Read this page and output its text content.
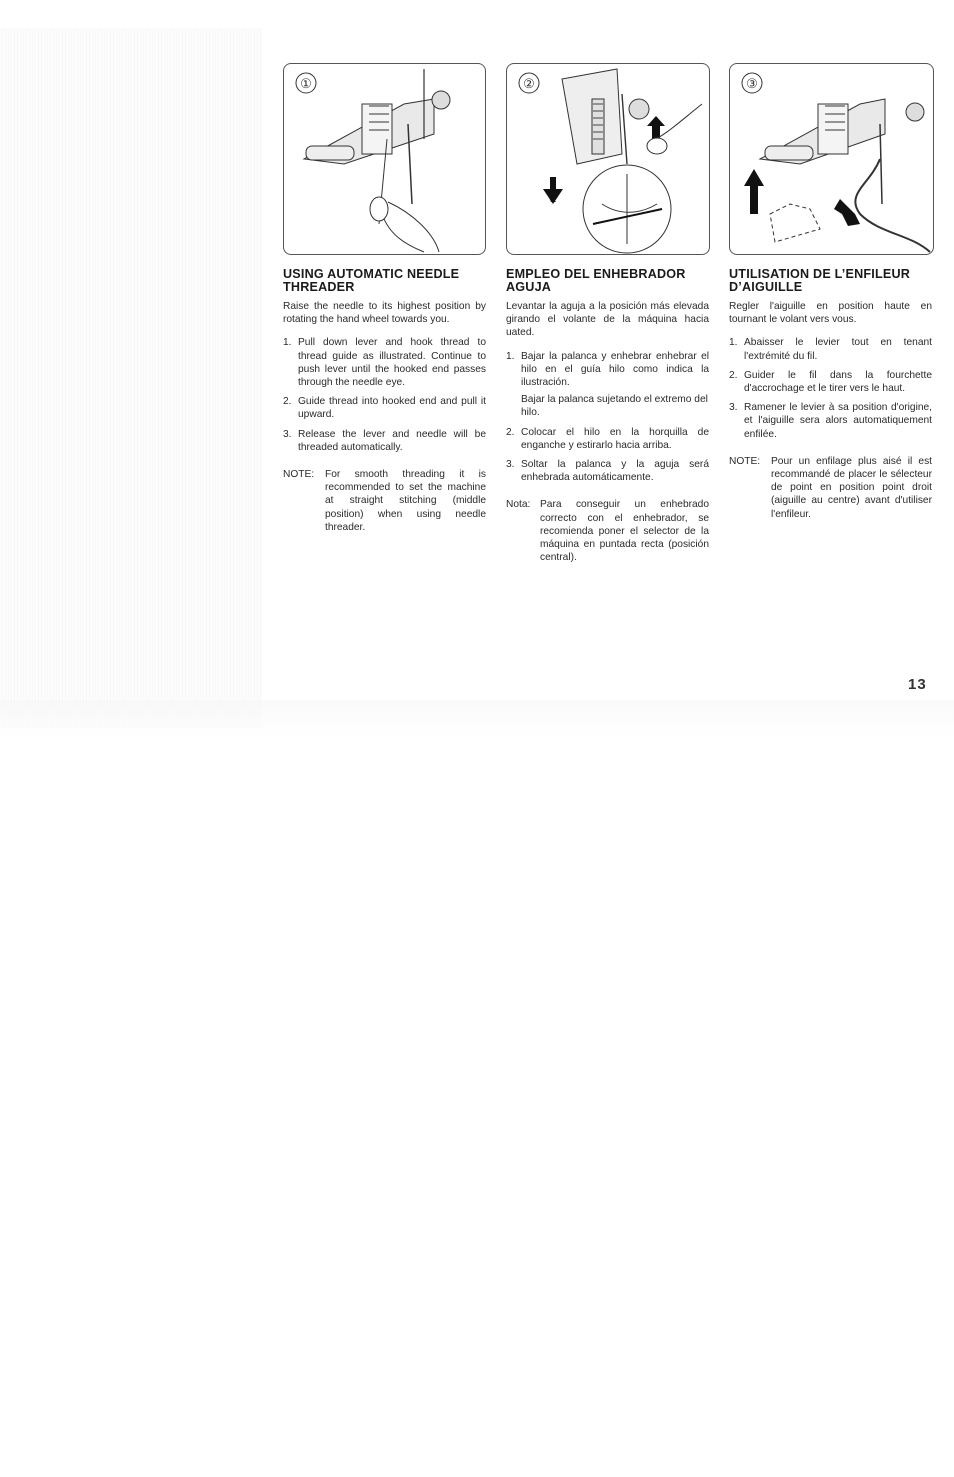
①	②	③
USING AUTOMATIC NEEDLE THREADER

Raise the needle to its highest position by rotating the hand wheel towards you.

1. Pull down lever and hook thread to thread guide as illustrated. Continue to push lever until the hooked end passes through the needle eye.
2. Guide thread into hooked end and pull it upward.
3. Release the lever and needle will be threaded automatically.
NOTE:	For smooth threading it is recommended to set the machine at straight stitching (middle position) when using needle threader.
EMPLEO DEL ENHEBRADOR AGUJA

Levantar la aguja a la posición más elevada girando el volante de la máquina hacia uated.

1. Bajar la palanca y enhebrar enhebrar el hilo en el guía hilo como indica la ilustración.
Bajar la palanca sujetando el extremo del hilo.
2. Colocar el hilo en la horquilla de enganche y estirarlo hacia arriba.
3. Soltar la palanca y la aguja será enhebrada automáticamente.
Nota: Para conseguir un enhebrado correcto con el enhebrador, se recomienda poner el selector de la máquina en puntada recta (posición central).
UTILISATION DE L’ENFILEUR D’AIGUILLE

Regler l'aiguille en position haute en tournant le volant vers vous.

1. Abaisser le levier tout en tenant l'extrémité du fil.
2. Guider le fil dans la fourchette d'accrochage et le tirer vers le haut.
3. Ramener le levier à sa position d'origine, et l'aiguille sera alors automatiquement enfilée.
NOTE:	Pour un enfilage plus aisé il est recommandé de placer le sélecteur de point en position point droit (aiguille au centre) avant d'utiliser l'enfileur.
13
